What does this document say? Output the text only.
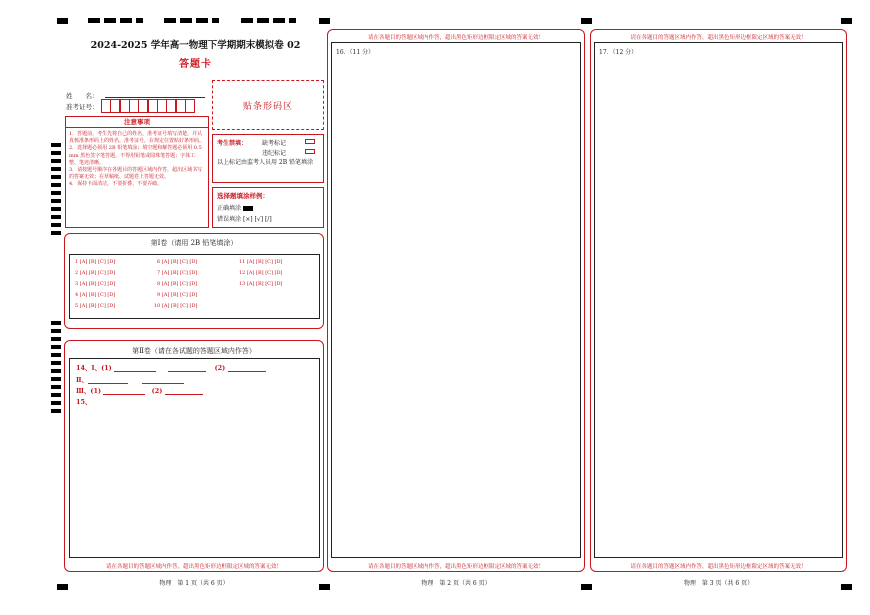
2024-2025 学年高一物理下学期期末模拟卷 02
答题卡
姓　　名：
准考证号：	贴条形码区
注意事项
1．答题前，考生先将自己的姓名，准考证号填写清楚，并认真核准条形码上的姓名、准考证号，在规定位置贴好条形码。
2．选择题必须用 2B 铅笔填涂；填空题和解答题必须用 0.5 mm 黑色签字笔答题，不得用铅笔或圆珠笔答题；字体工整、笔迹清晰。
3．请按题号顺序在各题目的答题区域内作答，超出区域书写的答案无效；在草稿纸、试题卷上答题无效。
4．保持卡面清洁，不要折叠、不要弄破。
考生禁填： 缺考标记
违纪标记
以上标记由监考人员用 2B 铅笔填涂
选择题填涂样例：
正确填涂
错误填涂 [×] [√] [/]
第Ⅰ卷（请用 2B 铅笔填涂）
1 [A] [B] [C] [D]
2 [A] [B] [C] [D]
3 [A] [B] [C] [D]
4 [A] [B] [C] [D]
5 [A] [B] [C] [D]
6 [A] [B] [C] [D]
7 [A] [B] [C] [D]
8 [A] [B] [C] [D]
9 [A] [B] [C] [D]
10 [A] [B] [C] [D]
11 [A] [B] [C] [D]
12 [A] [B] [C] [D]
13 [A] [B] [C] [D]
第Ⅱ卷（请在各试题的答题区域内作答）
14、Ⅰ、(1)	(2)
Ⅱ、
Ⅲ、(1)	(2)
15、
请在各题目的答题区域内作答，超出黑色矩形边框限定区域的答案无效！
物理　第 1 页（共 6 页）
请在各题目的答题区域内作答，超出黑色矩形边框限定区域的答案无效！
16．（11 分）
请在各题目的答题区域内作答，超出黑色矩形边框限定区域的答案无效！
物理　第 2 页（共 6 页）
请在各题目的答题区域内作答，超出黑色矩形边框限定区域的答案无效！
17．（12 分）
请在各题目的答题区域内作答，超出黑色矩形边框限定区域的答案无效！
物理　第 3 页（共 6 页）
